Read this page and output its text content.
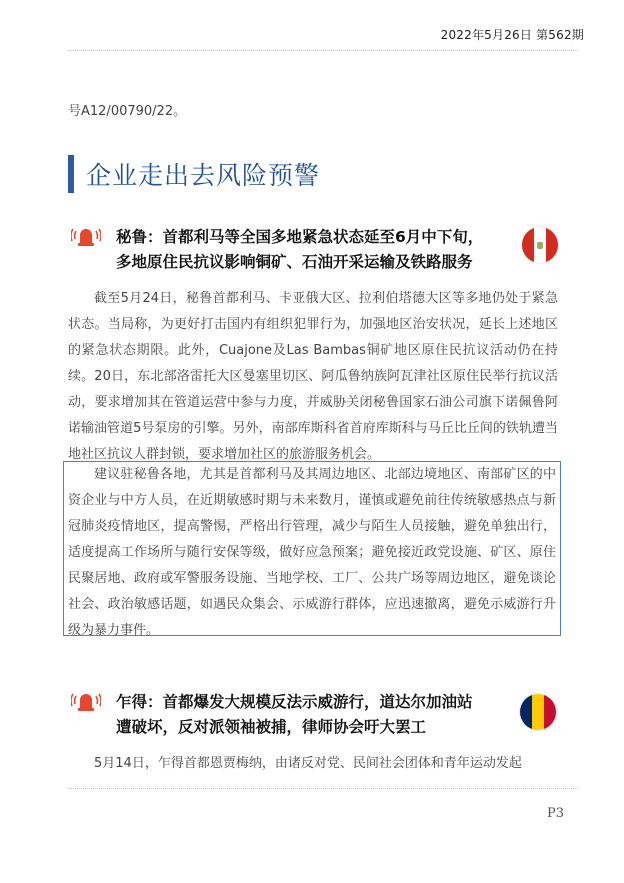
2022年5月26日 第562期
号A12/00790/22。
企业走出去风险预警
秘鲁：首都利马等全国多地紧急状态延至6月中下旬，
多地原住民抗议影响铜矿、石油开采运输及铁路服务
截至5月24日，秘鲁首都利马、卡亚俄大区、拉利伯塔德大区等多地仍处于紧急状态。当局称，为更好打击国内有组织犯罪行为，加强地区治安状况，延长上述地区的紧急状态期限。此外，Cuajone及Las Bambas铜矿地区原住民抗议活动仍在持续。20日，东北部洛雷托大区曼塞里切区、阿瓜鲁纳族阿瓦津社区原住民举行抗议活动，要求增加其在管道运营中参与力度，并威胁关闭秘鲁国家石油公司旗下诺佩鲁阿诺输油管道5号泵房的引擎。另外，南部库斯科省首府库斯科与马丘比丘间的铁轨遭当地社区抗议人群封锁，要求增加社区的旅游服务机会。
建议驻秘鲁各地，尤其是首都利马及其周边地区、北部边境地区、南部矿区的中资企业与中方人员，在近期敏感时期与未来数月，谨慎或避免前往传统敏感热点与新冠肺炎疫情地区，提高警惕，严格出行管理，减少与陌生人员接触，避免单独出行，适度提高工作场所与随行安保等级，做好应急预案；避免接近政党设施、矿区、原住民聚居地、政府或军警服务设施、当地学校、工厂、公共广场等周边地区，避免谈论社会、政治敏感话题，如遇民众集会、示威游行群体，应迅速撤离，避免示威游行升级为暴力事件。
乍得：首都爆发大规模反法示威游行，道达尔加油站
遭破坏，反对派领袖被捕，律师协会吁大罢工
5月14日，乍得首都恩贾梅纳，由诸反对党、民间社会团体和青年运动发起
P3
